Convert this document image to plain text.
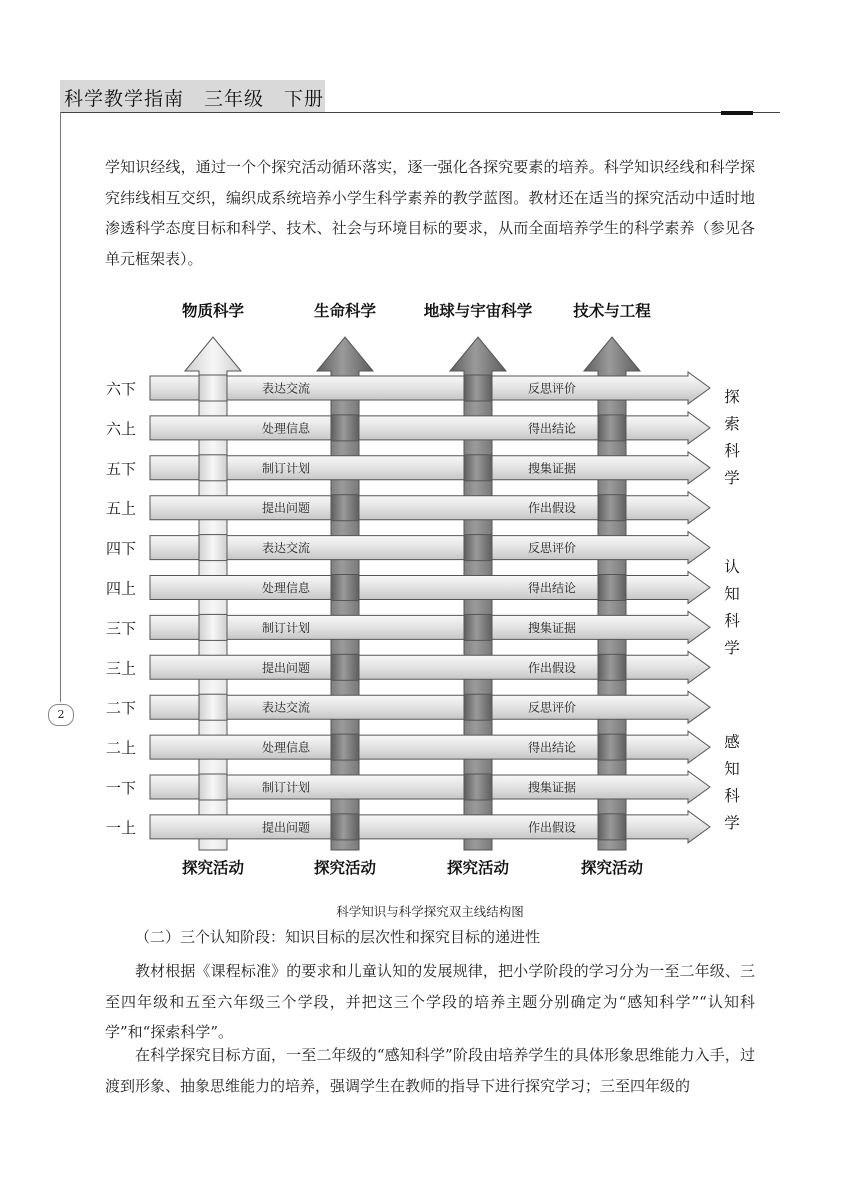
科学教学指南　三年级　下册
2

学知识经线，通过一个个探究活动循环落实，逐一强化各探究要素的培养。科学知识经线和科学探究纬线相互交织，编织成系统培养小学生科学素养的教学蓝图。教材还在适当的探究活动中适时地渗透科学态度目标和科学、技术、社会与环境目标的要求，从而全面培养学生的科学素养（参见各单元框架表）。

六下	表达交流	反思评价
六上	处理信息	得出结论
五下	制订计划	搜集证据
五上	提出问题	作出假设
四下	表达交流	反思评价
四上	处理信息	得出结论
三下	制订计划	搜集证据
三上	提出问题	作出假设
二下	表达交流	反思评价
二上	处理信息	得出结论
一下	制订计划	搜集证据
一上	提出问题	作出假设
物质科学	生命科学	地球与宇宙科学	技术与工程
探究活动	探究活动	探究活动	探究活动
探
索
科
学
认
知
科
学
感
知
科
学
科学知识与科学探究双主线结构图
（二）三个认知阶段：知识目标的层次性和探究目标的递进性

教材根据《课程标准》的要求和儿童认知的发展规律，把小学阶段的学习分为一至二年级、三至四年级和五至六年级三个学段，并把这三个学段的培养主题分别确定为“感知科学”“认知科学”和“探索科学”。

在科学探究目标方面，一至二年级的“感知科学”阶段由培养学生的具体形象思维能力入手，过渡到形象、抽象思维能力的培养，强调学生在教师的指导下进行探究学习；三至四年级的
